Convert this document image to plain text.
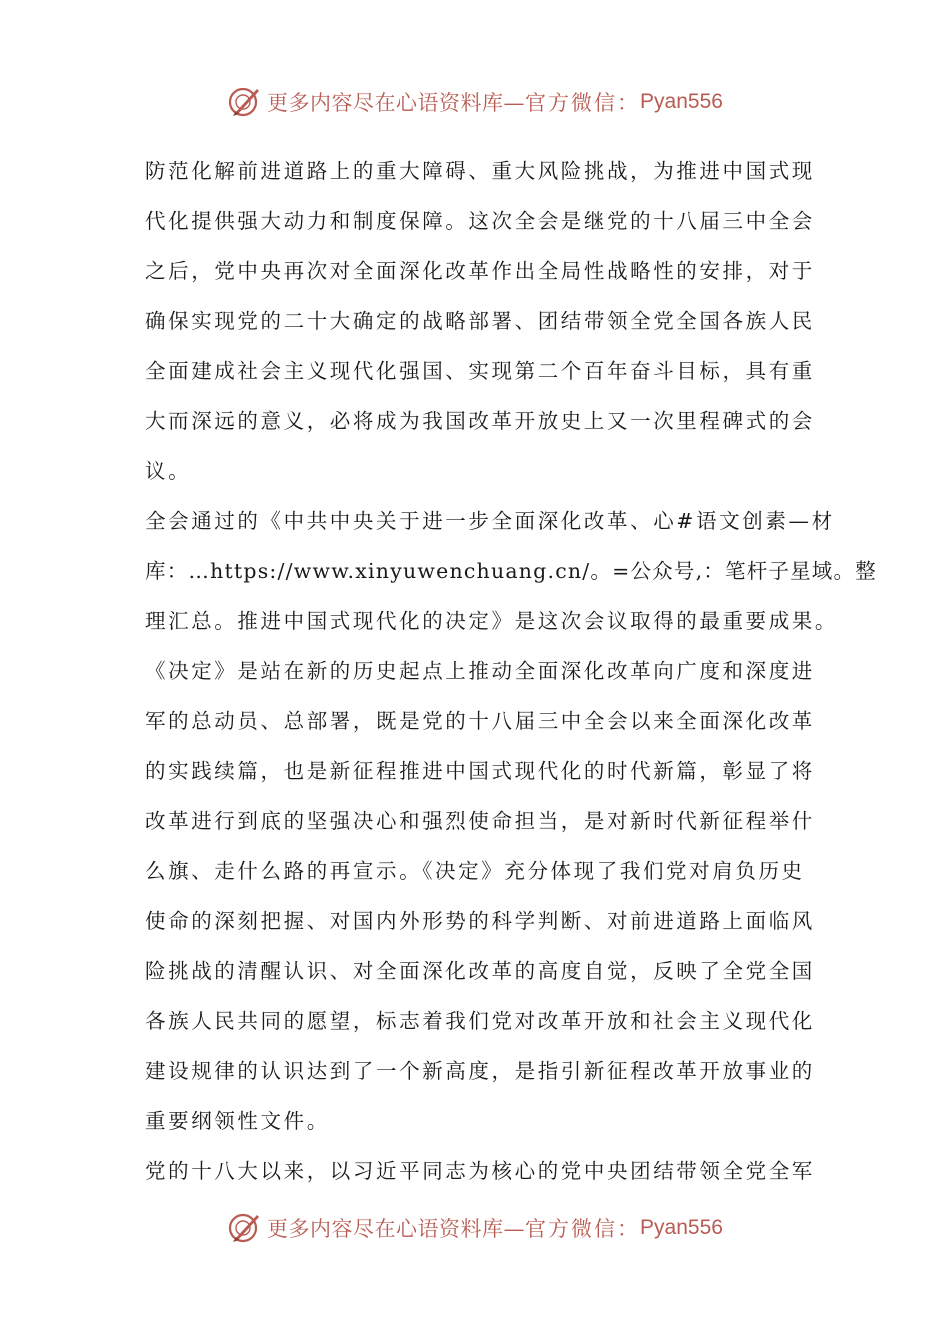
更多内容尽在心语资料库— 官方微信： Pyan556
防范化解前进道路上的重大障碍、重大风险挑战，为推进中国式现
代化提供强大动力和制度保障。这次全会是继党的十八届三中全会
之后，党中央再次对全面深化改革作出全局性战略性的安排，对于
确保实现党的二十大确定的战略部署、团结带领全党全国各族人民
全面建成社会主义现代化强国、实现第二个百年奋斗目标，具有重
大而深远的意义，必将成为我国改革开放史上又一次里程碑式的会
议。
全会通过的《中共中央关于进一步全面深化改革、心#语文创素—材
库：…https://www.xinyuwenchuang.cn/。=公众号,：笔杆子星域。整
理汇总。推进中国式现代化的决定》是这次会议取得的最重要成果。
《决定》是站在新的历史起点上推动全面深化改革向广度和深度进
军的总动员、总部署，既是党的十八届三中全会以来全面深化改革
的实践续篇，也是新征程推进中国式现代化的时代新篇，彰显了将
改革进行到底的坚强决心和强烈使命担当，是对新时代新征程举什
么旗、走什么路的再宣示。《决定》充分体现了我们党对肩负历史
使命的深刻把握、对国内外形势的科学判断、对前进道路上面临风
险挑战的清醒认识、对全面深化改革的高度自觉，反映了全党全国
各族人民共同的愿望，标志着我们党对改革开放和社会主义现代化
建设规律的认识达到了一个新高度，是指引新征程改革开放事业的
重要纲领性文件。
党的十八大以来，以习近平同志为核心的党中央团结带领全党全军
更多内容尽在心语资料库— 官方微信： Pyan556
